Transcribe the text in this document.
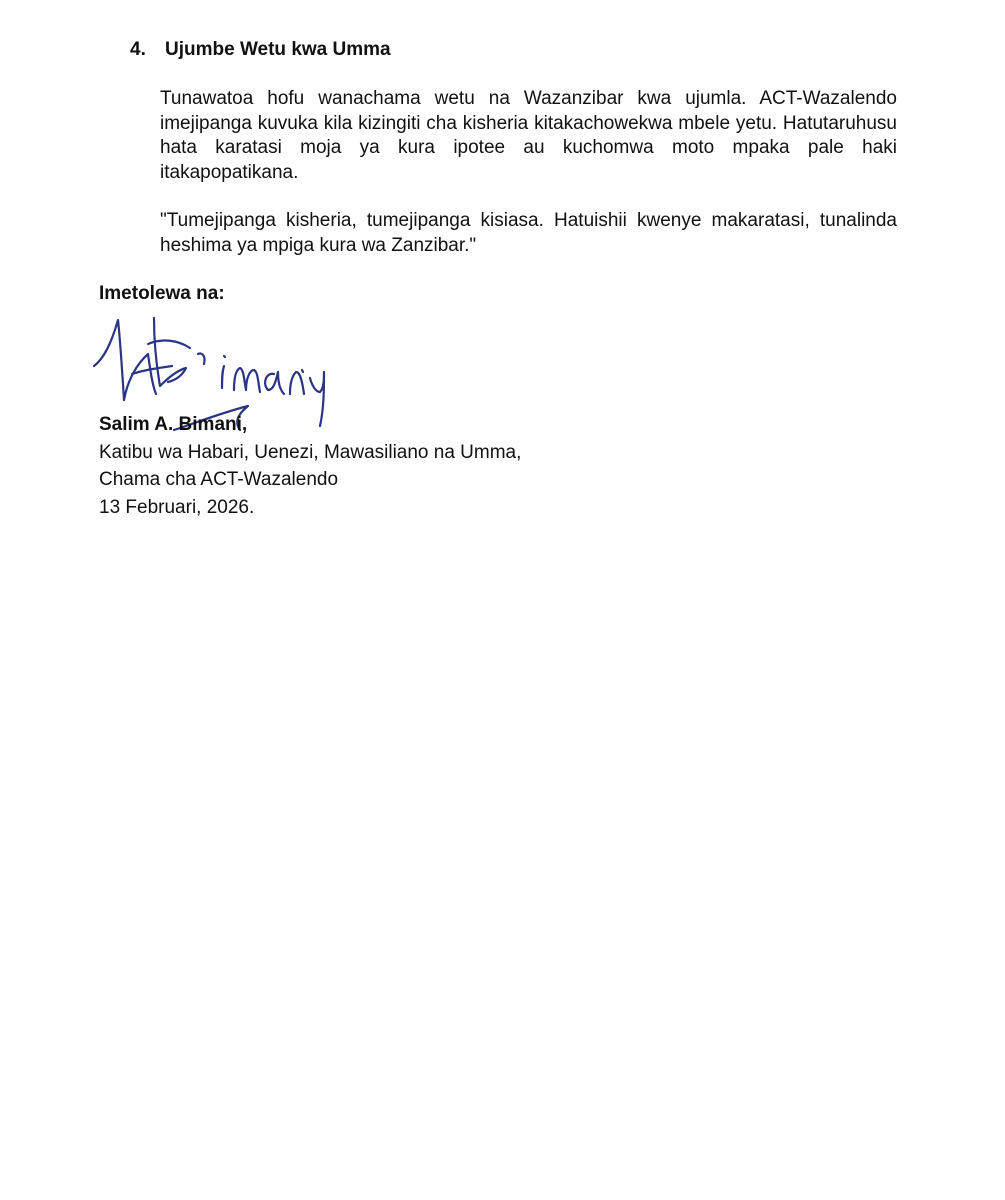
4. Ujumbe Wetu kwa Umma

Tunawatoa hofu wanachama wetu na Wazanzibar kwa ujumla. ACT-Wazalendo imejipanga kuvuka kila kizingiti cha kisheria kitakachowekwa mbele yetu. Hatutaruhusu hata karatasi moja ya kura ipotee au kuchomwa moto mpaka pale haki itakapopatikana.

"Tumejipanga kisheria, tumejipanga kisiasa. Hatuishii kwenye makaratasi, tunalinda heshima ya mpiga kura wa Zanzibar."

Imetolewa na:

Salim A. Bimani,
Katibu wa Habari, Uenezi, Mawasiliano na Umma,
Chama cha ACT-Wazalendo
13 Februari, 2026.
